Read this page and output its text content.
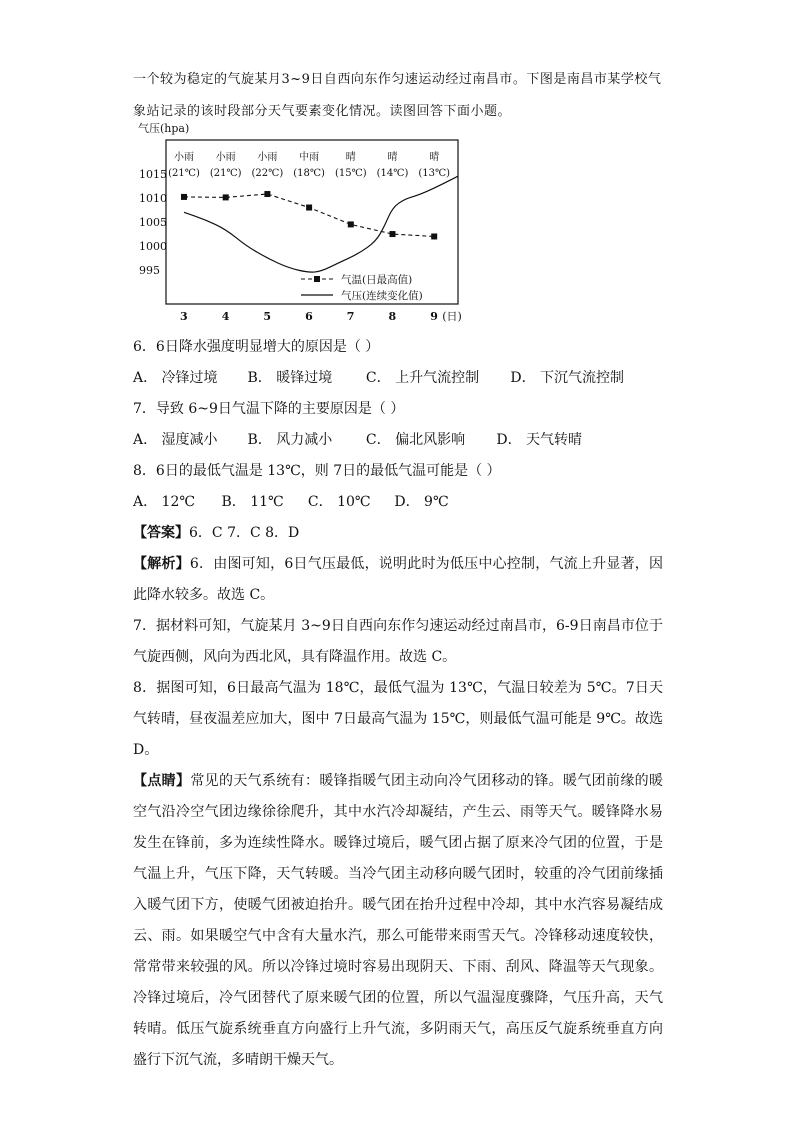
一个较为稳定的气旋某月3~9日自西向东作匀速运动经过南昌市。下图是南昌市某学校气象站记录的该时段部分天气要素变化情况。读图回答下面小题。
气压(hpa)
1015
1010
1005
1000
995
3	4	5	6	7	8	9 (日)
小雨
(21℃)
小雨
(21℃)
小雨
(22℃)
中雨
(18℃)
晴
(15℃)
晴
(14℃)
晴
(13℃)
气温(日最高值)
气压(连续变化值)
6．6日降水强度明显增大的原因是（ ）
A． 冷锋过境 B． 暖锋过境 C． 上升气流控制 D． 下沉气流控制
7．导致 6~9日气温下降的主要原因是（ ）
A． 湿度减小 B． 风力减小 C． 偏北风影响 D． 天气转晴
8．6日的最低气温是 13℃，则 7日的最低气温可能是（ ）
A． 12℃ B． 11℃ C． 10℃ D． 9℃
【答案】6．C 7．C 8．D

【解析】6．由图可知，6日气压最低，说明此时为低压中心控制，气流上升显著，因此降水较多。故选 C。

7．据材料可知，气旋某月 3~9日自西向东作匀速运动经过南昌市，6-9日南昌市位于气旋西侧，风向为西北风，具有降温作用。故选 C。

8．据图可知，6日最高气温为 18℃，最低气温为 13℃，气温日较差为 5℃。7日天气转晴，昼夜温差应加大，图中 7日最高气温为 15℃，则最低气温可能是 9℃。故选 D。

【点睛】常见的天气系统有：暖锋指暖气团主动向冷气团移动的锋。暖气团前缘的暖空气沿冷空气团边缘徐徐爬升，其中水汽冷却凝结，产生云、雨等天气。暖锋降水易发生在锋前，多为连续性降水。暖锋过境后，暖气团占据了原来冷气团的位置，于是气温上升，气压下降，天气转暖。当冷气团主动移向暖气团时，较重的冷气团前缘插入暖气团下方，使暖气团被迫抬升。暖气团在抬升过程中冷却，其中水汽容易凝结成云、雨。如果暖空气中含有大量水汽，那么可能带来雨雪天气。冷锋移动速度较快，常常带来较强的风。所以冷锋过境时容易出现阴天、下雨、刮风、降温等天气现象。冷锋过境后，冷气团替代了原来暖气团的位置，所以气温湿度骤降，气压升高，天气转晴。低压气旋系统垂直方向盛行上升气流，多阴雨天气，高压反气旋系统垂直方向盛行下沉气流，多晴朗干燥天气。
